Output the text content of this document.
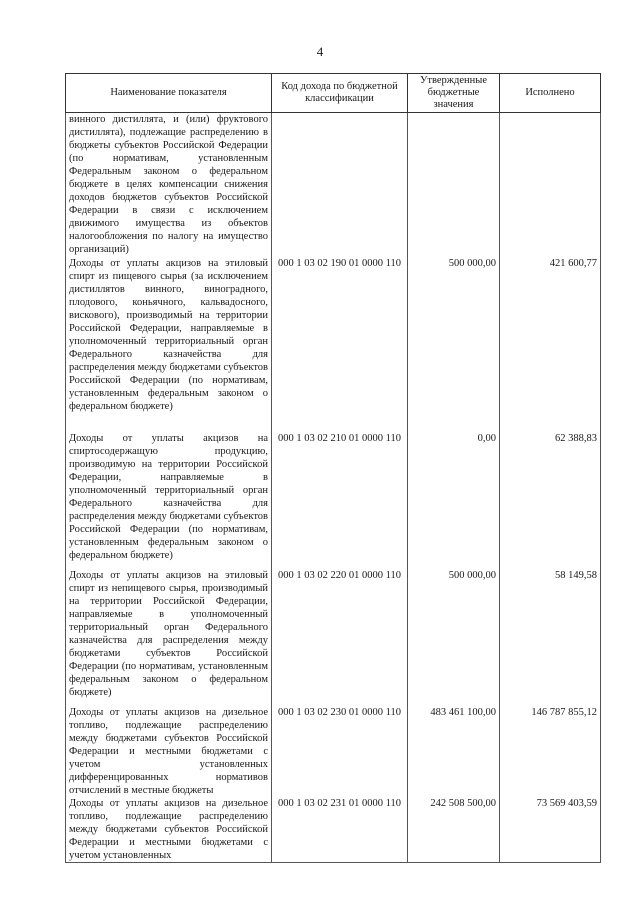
4
Наименование показателя	Код дохода по бюджетной классификации	Утвержденные бюджетные значения	Исполнено
винного дистиллята, и (или) фруктового дистиллята), подлежащие распределению в бюджеты субъектов Российской Федерации (по нормативам, установленным Федеральным законом о федеральном бюджете в целях компенсации снижения доходов бюджетов субъектов Российской Федерации в связи с исключением движимого имущества из объектов налогообложения по налогу на имущество организаций)			
Доходы от уплаты акцизов на этиловый спирт из пищевого сырья (за исключением дистиллятов винного, виноградного, плодового, коньячного, кальвадосного, вискового), производимый на территории Российской Федерации, направляемые в уполномоченный территориальный орган Федерального казначейства для распределения между бюджетами субъектов Российской Федерации (по нормативам, установленным федеральным законом о федеральном бюджете)	000 1 03 02 190 01 0000 110	500 000,00	421 600,77
Доходы от уплаты акцизов на спиртосодержащую продукцию, производимую на территории Российской Федерации, направляемые в уполномоченный территориальный орган Федерального казначейства для распределения между бюджетами субъектов Российской Федерации (по нормативам, установленным федеральным законом о федеральном бюджете)	000 1 03 02 210 01 0000 110	0,00	62 388,83
Доходы от уплаты акцизов на этиловый спирт из непищевого сырья, производимый на территории Российской Федерации, направляемые в уполномоченный территориальный орган Федерального казначейства для распределения между бюджетами субъектов Российской Федерации (по нормативам, установленным федеральным законом о федеральном бюджете)	000 1 03 02 220 01 0000 110	500 000,00	58 149,58
Доходы от уплаты акцизов на дизельное топливо, подлежащие распределению между бюджетами субъектов Российской Федерации и местными бюджетами с учетом установленных дифференцированных нормативов отчислений в местные бюджеты	000 1 03 02 230 01 0000 110	483 461 100,00	146 787 855,12
Доходы от уплаты акцизов на дизельное топливо, подлежащие распределению между бюджетами субъектов Российской Федерации и местными бюджетами с учетом установленных	000 1 03 02 231 01 0000 110	242 508 500,00	73 569 403,59
